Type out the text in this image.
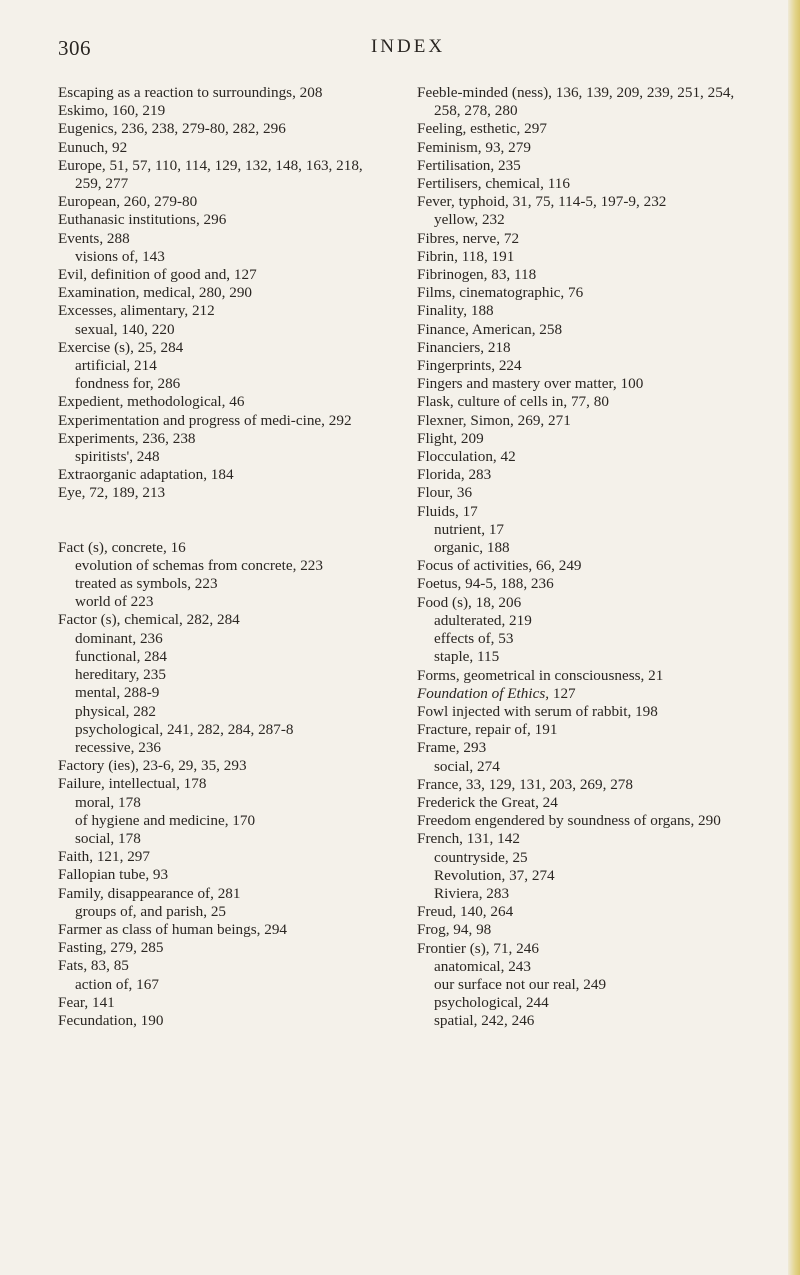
306	INDEX
Escaping as a reaction to surroundings, 208
Eskimo, 160, 219
Eugenics, 236, 238, 279-80, 282, 296
Eunuch, 92
Europe, 51, 57, 110, 114, 129, 132, 148, 163, 218, 259, 277
European, 260, 279-80
Euthanasic institutions, 296
Events, 288
visions of, 143
Evil, definition of good and, 127
Examination, medical, 280, 290
Excesses, alimentary, 212
sexual, 140, 220
Exercise (s), 25, 284
artificial, 214
fondness for, 286
Expedient, methodological, 46
Experimentation and progress of medi-cine, 292
Experiments, 236, 238
spiritists', 248
Extraorganic adaptation, 184
Eye, 72, 189, 213
Fact (s), concrete, 16
evolution of schemas from concrete, 223
treated as symbols, 223
world of 223
Factor (s), chemical, 282, 284
dominant, 236
functional, 284
hereditary, 235
mental, 288-9
physical, 282
psychological, 241, 282, 284, 287-8
recessive, 236
Factory (ies), 23-6, 29, 35, 293
Failure, intellectual, 178
moral, 178
of hygiene and medicine, 170
social, 178
Faith, 121, 297
Fallopian tube, 93
Family, disappearance of, 281
groups of, and parish, 25
Farmer as class of human beings, 294
Fasting, 279, 285
Fats, 83, 85
action of, 167
Fear, 141
Fecundation, 190
Feeble-minded (ness), 136, 139, 209, 239, 251, 254, 258, 278, 280
Feeling, esthetic, 297
Feminism, 93, 279
Fertilisation, 235
Fertilisers, chemical, 116
Fever, typhoid, 31, 75, 114-5, 197-9, 232
yellow, 232
Fibres, nerve, 72
Fibrin, 118, 191
Fibrinogen, 83, 118
Films, cinematographic, 76
Finality, 188
Finance, American, 258
Financiers, 218
Fingerprints, 224
Fingers and mastery over matter, 100
Flask, culture of cells in, 77, 80
Flexner, Simon, 269, 271
Flight, 209
Flocculation, 42
Florida, 283
Flour, 36
Fluids, 17
nutrient, 17
organic, 188
Focus of activities, 66, 249
Foetus, 94-5, 188, 236
Food (s), 18, 206
adulterated, 219
effects of, 53
staple, 115
Forms, geometrical in consciousness, 21
Foundation of Ethics, 127
Fowl injected with serum of rabbit, 198
Fracture, repair of, 191
Frame, 293
social, 274
France, 33, 129, 131, 203, 269, 278
Frederick the Great, 24
Freedom engendered by soundness of organs, 290
French, 131, 142
countryside, 25
Revolution, 37, 274
Riviera, 283
Freud, 140, 264
Frog, 94, 98
Frontier (s), 71, 246
anatomical, 243
our surface not our real, 249
psychological, 244
spatial, 242, 246
